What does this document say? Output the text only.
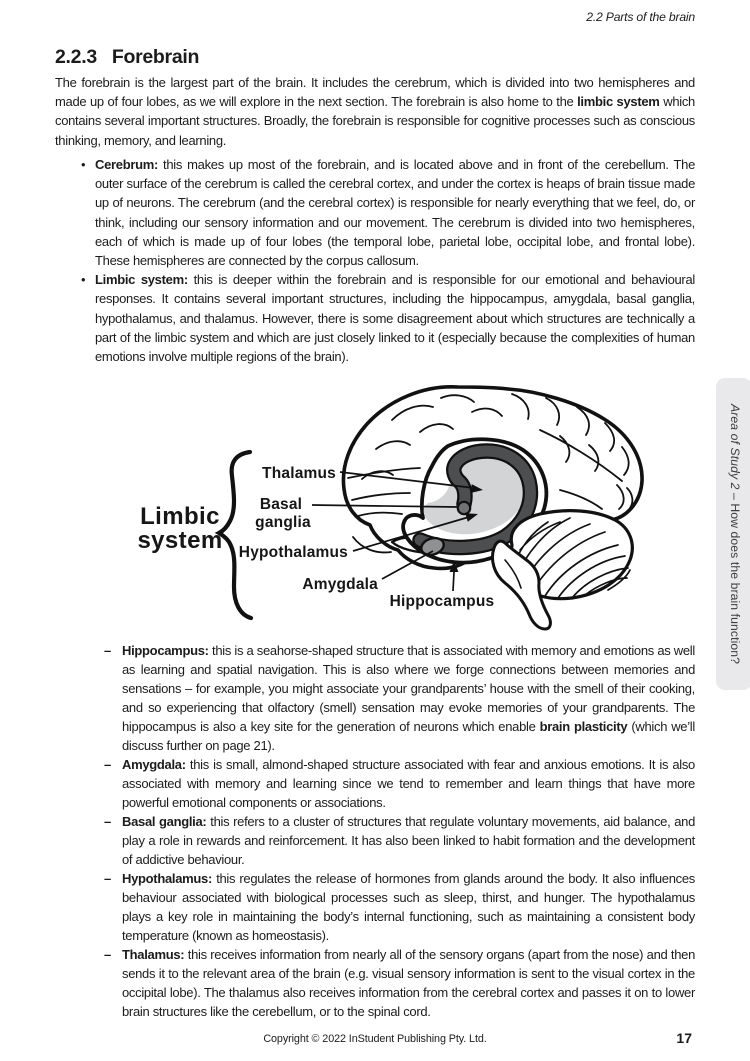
2.2 Parts of the brain
2.2.3 Forebrain
The forebrain is the largest part of the brain. It includes the cerebrum, which is divided into two hemispheres and made up of four lobes, as we will explore in the next section. The forebrain is also home to the limbic system which contains several important structures. Broadly, the forebrain is responsible for cognitive processes such as conscious thinking, memory, and learning.
• Cerebrum: this makes up most of the forebrain, and is located above and in front of the cerebellum. The outer surface of the cerebrum is called the cerebral cortex, and under the cortex is heaps of brain tissue made up of neurons. The cerebrum (and the cerebral cortex) is responsible for nearly everything that we feel, do, or think, including our sensory information and our movement. The cerebrum is divided into two hemispheres, each of which is made up of four lobes (the temporal lobe, parietal lobe, occipital lobe, and frontal lobe). These hemispheres are connected by the corpus callosum.
• Limbic system: this is deeper within the forebrain and is responsible for our emotional and behavioural responses. It contains several important structures, including the hippocampus, amygdala, basal ganglia, hypothalamus, and thalamus. However, there is some disagreement about which structures are technically a part of the limbic system and which are just closely linked to it (especially because the complexities of human emotions involve multiple regions of the brain).
Limbic
system
Thalamus
Basal
ganglia
Hypothalamus
Amygdala
Hippocampus
– Hippocampus: this is a seahorse-shaped structure that is associated with memory and emotions as well as learning and spatial navigation. This is also where we forge connections between memories and sensations – for example, you might associate your grandparents’ house with the smell of their cooking, and so experiencing that olfactory (smell) sensation may evoke memories of your grandparents. The hippocampus is also a key site for the generation of neurons which enable brain plasticity (which we’ll discuss further on page 21).
– Amygdala: this is small, almond-shaped structure associated with fear and anxious emotions. It is also associated with memory and learning since we tend to remember and learn things that have more powerful emotional components or associations.
– Basal ganglia: this refers to a cluster of structures that regulate voluntary movements, aid balance, and play a role in rewards and reinforcement. It has also been linked to habit formation and the development of addictive behaviour.
– Hypothalamus: this regulates the release of hormones from glands around the body. It also influences behaviour associated with biological processes such as sleep, thirst, and hunger. The hypothalamus plays a key role in maintaining the body’s internal functioning, such as maintaining a consistent body temperature (known as homeostasis).
– Thalamus: this receives information from nearly all of the sensory organs (apart from the nose) and then sends it to the relevant area of the brain (e.g. visual sensory information is sent to the visual cortex in the occipital lobe). The thalamus also receives information from the cerebral cortex and passes it on to lower brain structures like the cerebellum, or to the spinal cord.
Area of Study 2 – How does the brain function?
Copyright © 2022 InStudent Publishing Pty. Ltd.	17
